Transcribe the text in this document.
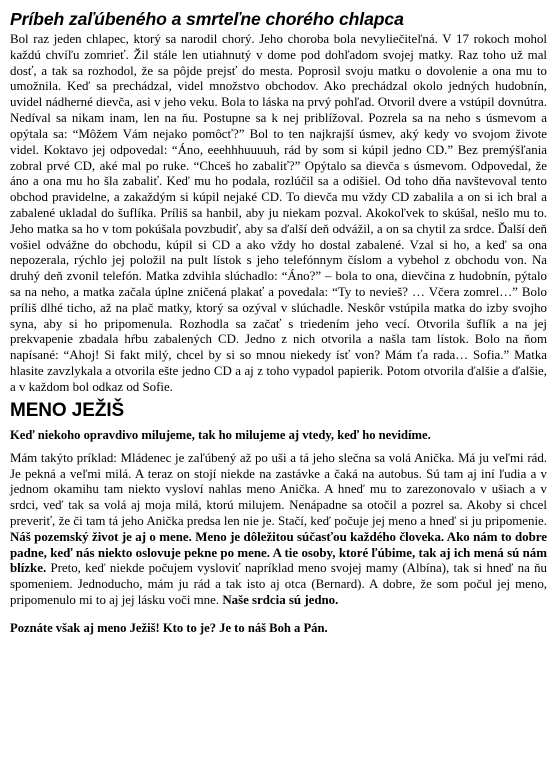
Príbeh zaľúbeného a smrteľne chorého chlapca

Bol raz jeden chlapec, ktorý sa narodil chorý. Jeho choroba bola nevyliečiteľná. V 17 rokoch mohol každú chvíľu zomrieť. Žil stále len utiahnutý v dome pod dohľadom svojej matky. Raz toho už mal dosť, a tak sa rozhodol, že sa pôjde prejsť do mesta. Poprosil svoju matku o dovolenie a ona mu to umožnila. Keď sa prechádzal, videl množstvo obchodov. Ako prechádzal okolo jedných hudobnín, uvidel nádherné dievča, asi v jeho veku. Bola to láska na prvý pohľad. Otvoril dvere a vstúpil dovnútra. Nedíval sa nikam inam, len na ňu. Postupne sa k nej priblížoval. Pozrela sa na neho s úsmevom a opýtala sa: “Môžem Vám nejako pomôcť?” Bol to ten najkrajší úsmev, aký kedy vo svojom živote videl. Koktavo jej odpovedal: “Áno, eeehhhuuuuh, rád by som si kúpil jedno CD.” Bez premýšľania zobral prvé CD, aké mal po ruke. “Chceš ho zabaliť?” Opýtalo sa dievča s úsmevom. Odpovedal, že áno a ona mu ho šla zabaliť. Keď mu ho podala, rozlúčil sa a odišiel. Od toho dňa navštevoval tento obchod pravidelne, a zakaždým si kúpil nejaké CD. To dievča mu vždy CD zabalila a on si ich bral a zabalené ukladal do šuflíka. Príliš sa hanbil, aby ju niekam pozval. Akokoľvek to skúšal, nešlo mu to. Jeho matka sa ho v tom pokúšala povzbudiť, aby sa ďalší deň odvážil, a on sa chytil za srdce. Ďalší deň vošiel odvážne do obchodu, kúpil si CD a ako vždy ho dostal zabalené. Vzal si ho, a keď sa ona nepozerala, rýchlo jej položil na pult lístok s jeho telefónnym číslom a vybehol z obchodu von. Na druhý deň zvonil telefón. Matka zdvihla slúchadlo: “Áno?” – bola to ona, dievčina z hudobnín, pýtalo sa na neho, a matka začala úplne zničená plakať a povedala: “Ty to nevieš? … Včera zomrel…” Bolo príliš dlhé ticho, až na plač matky, ktorý sa ozýval v slúchadle. Neskôr vstúpila matka do izby svojho syna, aby si ho pripomenula. Rozhodla sa začať s triedením jeho vecí. Otvorila šuflík a na jej prekvapenie zbadala hŕbu zabalených CD. Jedno z nich otvorila a našla tam lístok. Bolo na ňom napísané: “Ahoj! Si fakt milý, chcel by si so mnou niekedy ísť von? Mám ťa rada… Sofia.” Matka hlasite zavzlykala a otvorila ešte jedno CD a aj z toho vypadol papierik. Potom otvorila ďalšie a ďalšie, a v každom bol odkaz od Sofie.

MENO JEŽIŠ

Keď niekoho opravdivo milujeme, tak ho milujeme aj vtedy, keď ho nevidíme.

Mám takýto príklad: Mládenec je zaľúbený až po uši a tá jeho slečna sa volá Anička. Má ju veľmi rád. Je pekná a veľmi milá. A teraz on stojí niekde na zastávke a čaká na autobus. Sú tam aj iní ľudia a v jednom okamihu tam niekto vysloví nahlas meno Anička. A hneď mu to zarezonovalo v ušiach a v srdci, veď tak sa volá aj moja milá, ktorú milujem. Nenápadne sa otočil a pozrel sa. Akoby si chcel preveriť, že či tam tá jeho Anička predsa len nie je. Stačí, keď počuje jej meno a hneď si ju pripomenie. Náš pozemský život je aj o mene. Meno je dôležitou súčasťou každého človeka. Ako nám to dobre padne, keď nás niekto oslovuje pekne po mene. A tie osoby, ktoré ľúbime, tak aj ich mená sú nám blízke. Preto, keď niekde počujem vysloviť napríklad meno svojej mamy (Albína), tak si hneď na ňu spomeniem. Jednoducho, mám ju rád a tak isto aj otca (Bernard). A dobre, že som počul jej meno, pripomenulo mi to aj jej lásku voči mne. Naše srdcia sú jedno.

Poznáte však aj meno Ježiš! Kto to je? Je to náš Boh a Pán.
